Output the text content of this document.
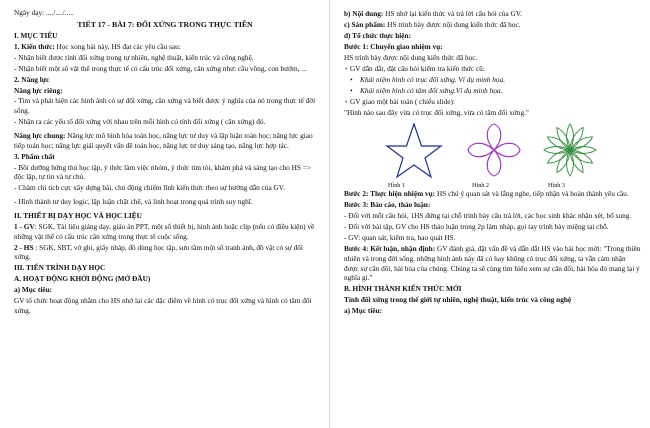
Ngày dạy: ..../..../.....

TIẾT 17 - BÀI 7: ĐỐI XỨNG TRONG THỰC TIỄN

I. MỤC TIÊU

1. Kiến thức: Học xong bài này, HS đạt các yêu cầu sau:

- Nhận biết được tính đối xứng trong tự nhiên, nghệ thuật, kiến trúc và công nghệ.

- Nhận biết một số vật thể trong thực tế có cấu trúc đối xứng, cân xứng như: cầu vồng, con bướm, ...

2. Năng lực

Năng lực riêng:

- Tìm và phát hiện các hình ảnh có sự đối xứng, cân xứng và biết được ý nghĩa của nó trong thực tế đời sống.

- Nhận ra các yếu tố đối xứng với nhau trên mỗi hình có tính đối xứng ( cân xứng) đó.

Năng lực chung: Năng lực mô hình hóa toán học, năng lực tư duy và lập luận toán học; năng lực giao tiếp toán học; năng lực giải quyết vấn đề toán học, năng lực tư duy sáng tạo, năng lực hợp tác.

3. Phẩm chất

- Bồi dưỡng hứng thú học tập, ý thức làm việc nhóm, ý thức tìm tòi, khám phá và sáng tạo cho HS => độc lập, tự tin và tự chủ.

- Chăm chỉ tích cực xây dựng bài, chủ động chiếm lĩnh kiến thức theo sự hướng dẫn của GV.

- Hình thành tư duy logic, lập luận chặt chẽ, và linh hoạt trong quá trình suy nghĩ.

II. THIẾT BỊ DẠY HỌC VÀ HỌC LIỆU

1 - GV: SGK, Tài liệu giảng dạy, giáo án PPT, một số thiết bị, hình ảnh hoặc clip (nếu có điều kiện) về những vật thể có cấu trúc cân xứng trong thực tế cuộc sống.

2 - HS : SGK, SBT, vở ghi, giấy nháp, đồ dùng học tập, sưu tầm một số tranh ảnh, đồ vật có sự đối xứng.

III. TIẾN TRÌNH DẠY HỌC

A. HOẠT ĐỘNG KHỞI ĐỘNG (MỞ ĐẦU)

a) Mục tiêu:

GV tổ chức hoạt động nhằm cho HS nhớ lại các đặc điểm về hình có trục đối xứng và hình có tâm đối xứng.

b) Nội dung: HS nhớ lại kiến thức và trả lời câu hỏi của GV.

c) Sản phẩm: HS trình bày được nội dung kiến thức đã học.

d) Tổ chức thực hiện:

Bước 1: Chuyển giao nhiệm vụ:

HS trình bày được nội dung kiến thức đã học.

+ GV dẫn dắt, đặt câu hỏi kiểm tra kiến thức cũ:

• Khái niệm hình có trục đối xứng. Ví dụ minh họa.

• Khái niệm hình có tâm đối xứng.Ví dụ minh họa.

+ GV giao một bài toán ( chiếu slide):

"Hình nào sau đây vừa có trục đối xứng, vừa có tâm đối xứng."

Hình 1	Hình 2	Hình 3

Bước 2: Thực hiện nhiệm vụ: HS chú ý quan sát và lắng nghe, tiếp nhận và hoàn thành yêu cầu.

Bước 3: Báo cáo, thảo luận:

- Đối với mỗi câu hỏi, 1HS đứng tại chỗ trình bày câu trả lời, các học sinh khác nhận xét, bổ sung.

- Đối với bài tập, GV cho HS thảo luận trong 2p làm nháp, gọi tay trình bày miệng tại chỗ.

- GV: quan sát, kiểm tra, bao quát HS.

Bước 4: Kết luận, nhận định: GV đánh giá, đặt vấn đề và dẫn dắt HS vào bài học mới: "Trong thiên nhiên và trong đời sống, những hình ảnh này đã có hay không có trục đối xứng, ta vẫn cảm nhận được sự cân đối, hài hòa của chúng. Chúng ta sẽ cùng tìm hiểu xem sự cân đối, hài hòa đó mang lại ý nghĩa gì."

B. HÌNH THÀNH KIẾN THỨC MỚI

Tính đối xứng trong thế giới tự nhiên, nghệ thuật, kiến trúc và công nghệ

a) Mục tiêu:
